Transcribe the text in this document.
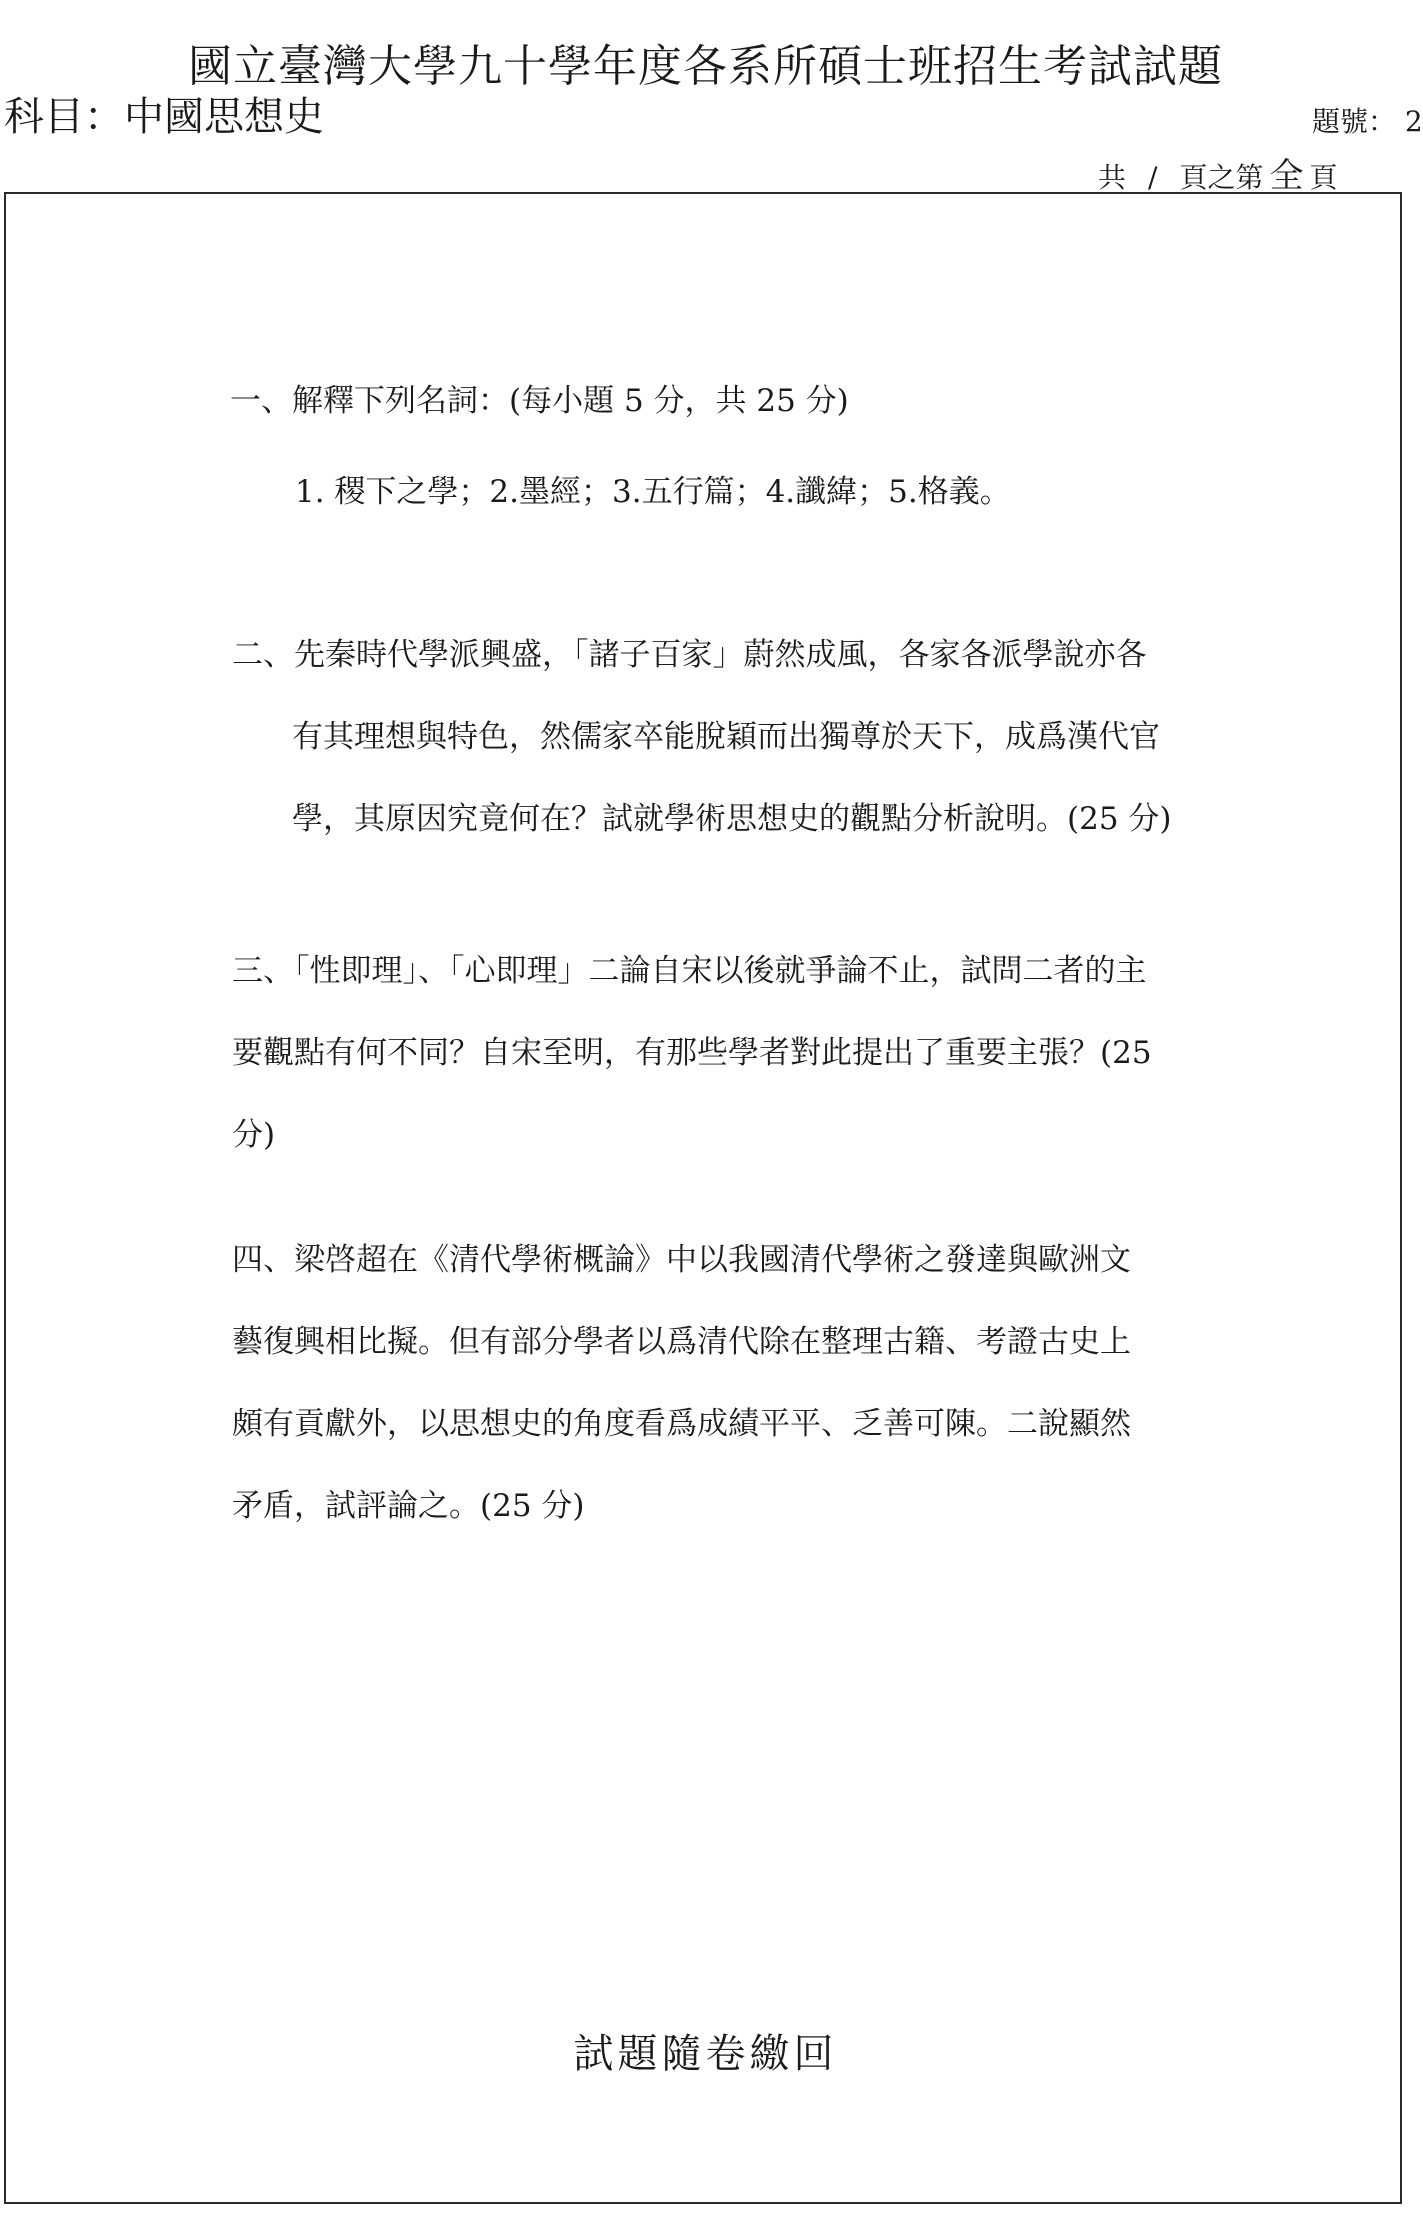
國立臺灣大學九十學年度各系所碩士班招生考試試題
科目：中國思想史	題號： 2
共 / 頁之第 全 頁
一、解釋下列名詞：(每小題 5 分，共 25 分)
1. 稷下之學；2.墨經；3.五行篇；4.讖緯；5.格義。
二、先秦時代學派興盛，「諸子百家」蔚然成風，各家各派學說亦各
有其理想與特色，然儒家卒能脫穎而出獨尊於天下，成爲漢代官
學，其原因究竟何在？試就學術思想史的觀點分析說明。(25 分)
三、「性即理」、「心即理」二論自宋以後就爭論不止，試問二者的主
要觀點有何不同？自宋至明，有那些學者對此提出了重要主張？(25
分)
四、梁啓超在《清代學術概論》中以我國清代學術之發達與歐洲文
藝復興相比擬。但有部分學者以爲清代除在整理古籍、考證古史上
頗有貢獻外，以思想史的角度看爲成績平平、乏善可陳。二說顯然
矛盾，試評論之。(25 分)
試題隨卷繳回
